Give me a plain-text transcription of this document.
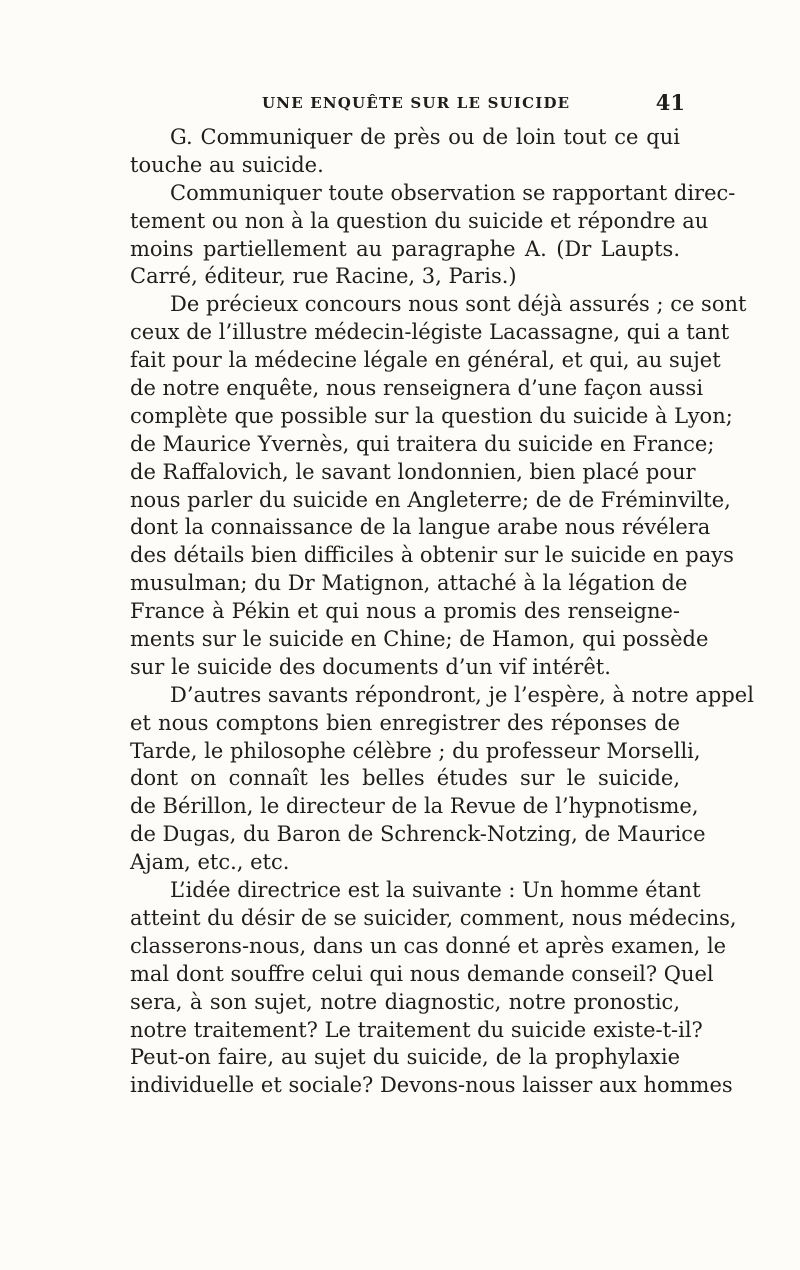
UNE ENQUÊTE SUR LE SUICIDE	41
G. Communiquer de près ou de loin tout ce qui
touche au suicide.
Communiquer toute observation se rapportant direc-
tement ou non à la question du suicide et répondre au
moins partiellement au paragraphe A. (Dr Laupts.
Carré, éditeur, rue Racine, 3, Paris.)
De précieux concours nous sont déjà assurés ; ce sont
ceux de l’illustre médecin-légiste Lacassagne, qui a tant
fait pour la médecine légale en général, et qui, au sujet
de notre enquête, nous renseignera d’une façon aussi
complète que possible sur la question du suicide à Lyon;
de Maurice Yvernès, qui traitera du suicide en France;
de Raffalovich, le savant londonnien, bien placé pour
nous parler du suicide en Angleterre; de de Fréminvilte,
dont la connaissance de la langue arabe nous révélera
des détails bien difficiles à obtenir sur le suicide en pays
musulman; du Dr Matignon, attaché à la légation de
France à Pékin et qui nous a promis des renseigne-
ments sur le suicide en Chine; de Hamon, qui possède
sur le suicide des documents d’un vif intérêt.
D’autres savants répondront, je l’espère, à notre appel
et nous comptons bien enregistrer des réponses de
Tarde, le philosophe célèbre ; du professeur Morselli,
dont on connaît les belles études sur le suicide,
de Bérillon, le directeur de la Revue de l’hypnotisme,
de Dugas, du Baron de Schrenck-Notzing, de Maurice
Ajam, etc., etc.
L’idée directrice est la suivante : Un homme étant
atteint du désir de se suicider, comment, nous médecins,
classerons-nous, dans un cas donné et après examen, le
mal dont souffre celui qui nous demande conseil? Quel
sera, à son sujet, notre diagnostic, notre pronostic,
notre traitement? Le traitement du suicide existe-t-il?
Peut-on faire, au sujet du suicide, de la prophylaxie
individuelle et sociale? Devons-nous laisser aux hommes
